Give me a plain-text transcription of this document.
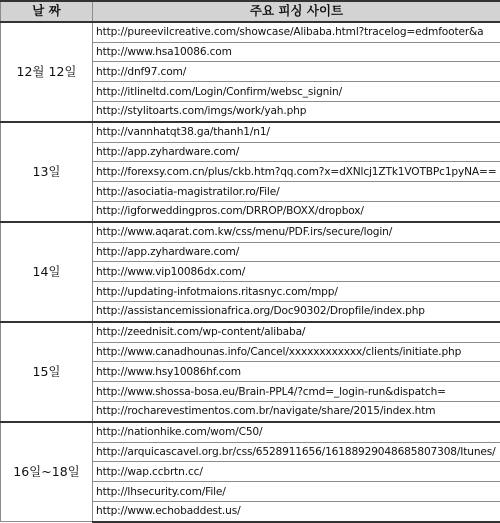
날 짜	주요 피싱 사이트
12월 12일	http://pureevilcreative.com/showcase/Alibaba.html?tracelog=edmfooter&a
	http://www.hsa10086.com
	http://dnf97.com/
	http://itlineltd.com/Login/Confirm/websc_signin/
	http://stylitoarts.com/imgs/work/yah.php
13일	http://vannhatqt38.ga/thanh1/n1/
	http://app.zyhardware.com/
	http://forexsy.com.cn/plus/ckb.htm?qq.com?x=dXNlcj1ZTk1VOTBPc1pyNA==
	http://asociatia-magistratilor.ro/File/
	http://igforweddingpros.com/DRROP/BOXX/dropbox/
14일	http://www.aqarat.com.kw/css/menu/PDF.irs/secure/login/
	http://app.zyhardware.com/
	http://www.vip10086dx.com/
	http://updating-infotmaions.ritasnyc.com/mpp/
	http://assistancemissionafrica.org/Doc90302/Dropfile/index.php
15일	http://zeednisit.com/wp-content/alibaba/
	http://www.canadhounas.info/Cancel/xxxxxxxxxxxx/clients/initiate.php
	http://www.hsy10086hf.com
	http://www.shossa-bosa.eu/Brain-PPL4/?cmd=_login-run&dispatch=
	http://rocharevestimentos.com.br/navigate/share/2015/index.htm
16일~18일	http://nationhike.com/wom/C50/
	http://arquicascavel.org.br/css/6528911656/16188929048685807308/Itunes/
	http://wap.ccbrtn.cc/
	http://lhsecurity.com/File/
	http://www.echobaddest.us/
